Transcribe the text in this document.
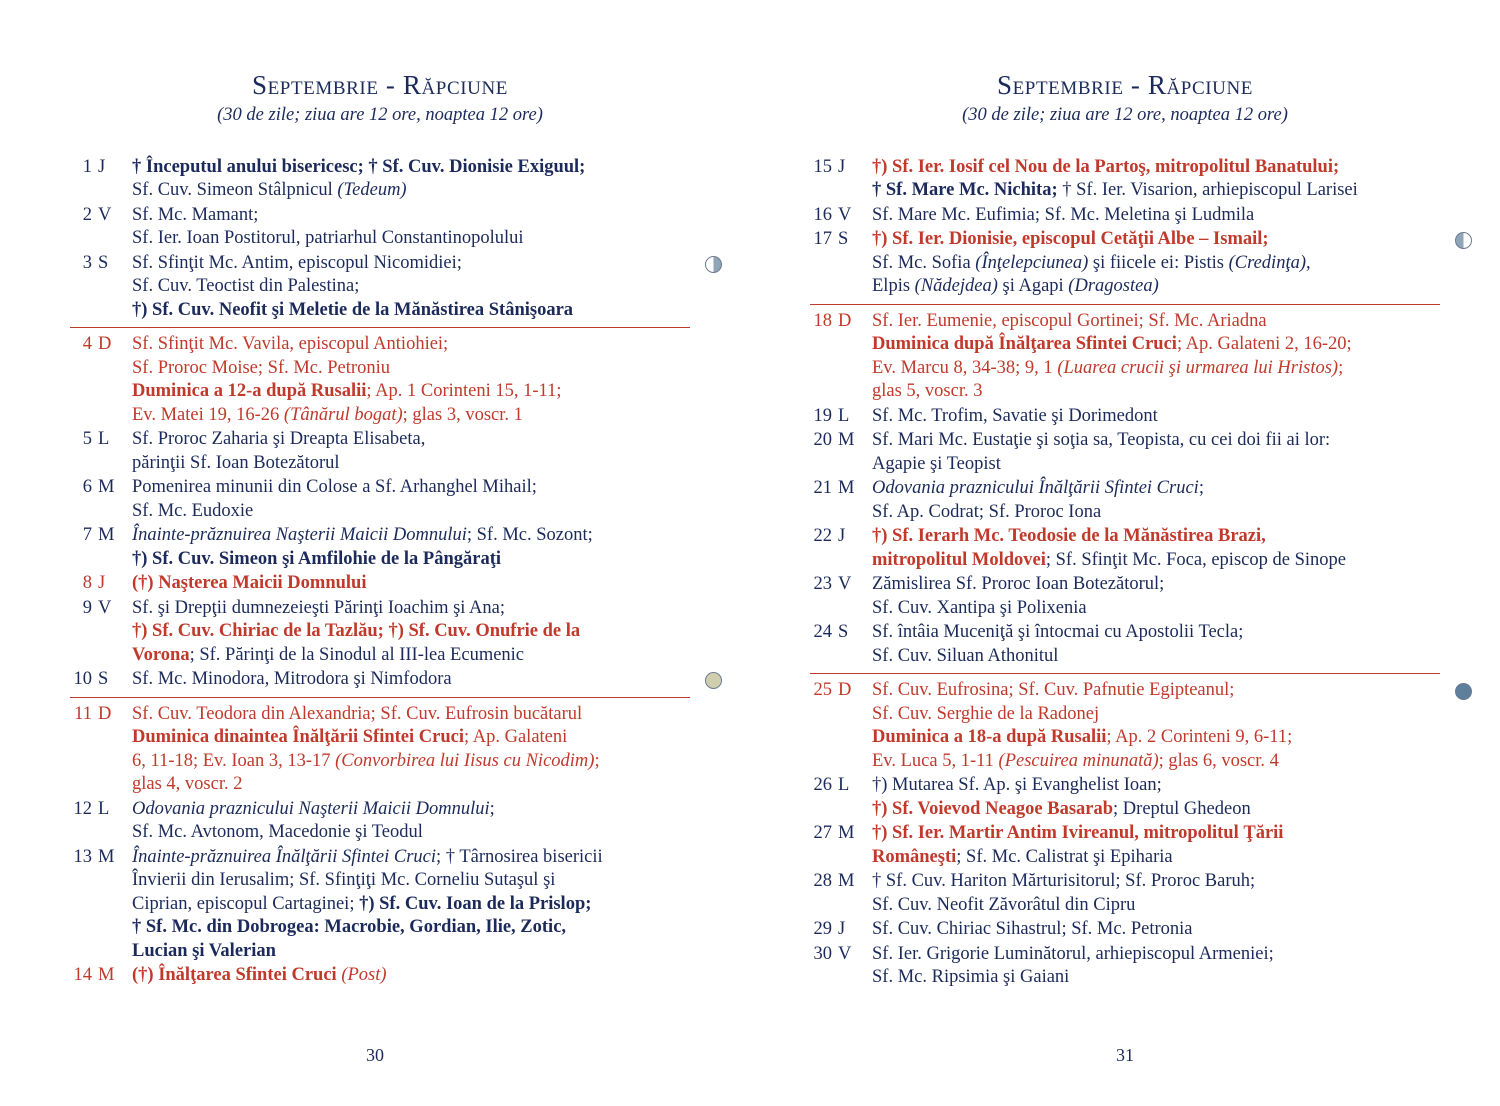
Septembrie - Răpciune
(30 de zile; ziua are 12 ore, noaptea 12 ore)
1 J	† Începutul anului bisericesc; † Sf. Cuv. Dionisie Exiguul;
Sf. Cuv. Simeon Stâlpnicul (Tedeum)
2 V	Sf. Mc. Mamant;
Sf. Ier. Ioan Postitorul, patriarhul Constantinopolului
3 S	Sf. Sfinţit Mc. Antim, episcopul Nicomidiei;
Sf. Cuv. Teoctist din Palestina;
†) Sf. Cuv. Neofit şi Meletie de la Mănăstirea Stânişoara
4 D	Sf. Sfinţit Mc. Vavila, episcopul Antiohiei;
Sf. Proroc Moise; Sf. Mc. Petroniu
Duminica a 12-a după Rusalii; Ap. 1 Corinteni 15, 1-11;
Ev. Matei 19, 16-26 (Tânărul bogat); glas 3, voscr. 1
5 L	Sf. Proroc Zaharia şi Dreapta Elisabeta,
părinţii Sf. Ioan Botezătorul
6 M Pomenirea minunii din Colose a Sf. Arhanghel Mihail;
Sf. Mc. Eudoxie
7 M Înainte-prăznuirea Naşterii Maicii Domnului; Sf. Mc. Sozont;
†) Sf. Cuv. Simeon şi Amfilohie de la Pângăraţi
8 J	(†) Naşterea Maicii Domnului
9 V	Sf. şi Drepţii dumnezeieşti Părinţi Ioachim şi Ana;
†) Sf. Cuv. Chiriac de la Tazlău; †) Sf. Cuv. Onufrie de la
Vorona; Sf. Părinţi de la Sinodul al III-lea Ecumenic
10 S	Sf. Mc. Minodora, Mitrodora şi Nimfodora
11 D	Sf. Cuv. Teodora din Alexandria; Sf. Cuv. Eufrosin bucătarul
Duminica dinaintea Înălţării Sfintei Cruci; Ap. Galateni
6, 11-18; Ev. Ioan 3, 13-17 (Convorbirea lui Iisus cu Nicodim);
glas 4, voscr. 2
12 L	Odovania praznicului Naşterii Maicii Domnului;
Sf. Mc. Avtonom, Macedonie şi Teodul
13 M Înainte-prăznuirea Înălţării Sfintei Cruci; † Târnosirea bisericii
Învierii din Ierusalim; Sf. Sfinţiţi Mc. Corneliu Sutaşul şi
Ciprian, episcopul Cartaginei; †) Sf. Cuv. Ioan de la Prislop;
† Sf. Mc. din Dobrogea: Macrobie, Gordian, Ilie, Zotic,
Lucian şi Valerian
14 M (†) Înălţarea Sfintei Cruci (Post)
30
Septembrie - Răpciune
(30 de zile; ziua are 12 ore, noaptea 12 ore)
15 J	†) Sf. Ier. Iosif cel Nou de la Partoş, mitropolitul Banatului;
† Sf. Mare Mc. Nichita; † Sf. Ier. Visarion, arhiepiscopul Larisei
16 V	Sf. Mare Mc. Eufimia; Sf. Mc. Meletina şi Ludmila
17 S	†) Sf. Ier. Dionisie, episcopul Cetăţii Albe – Ismail;
Sf. Mc. Sofia (Înţelepciunea) şi fiicele ei: Pistis (Credinţa),
Elpis (Nădejdea) şi Agapi (Dragostea)
18 D	Sf. Ier. Eumenie, episcopul Gortinei; Sf. Mc. Ariadna
Duminica după Înălţarea Sfintei Cruci; Ap. Galateni 2, 16-20;
Ev. Marcu 8, 34-38; 9, 1 (Luarea crucii şi urmarea lui Hristos);
glas 5, voscr. 3
19 L	Sf. Mc. Trofim, Savatie şi Dorimedont
20 M Sf. Mari Mc. Eustaţie şi soţia sa, Teopista, cu cei doi fii ai lor:
Agapie şi Teopist
21 M Odovania praznicului Înălţării Sfintei Cruci;
Sf. Ap. Codrat; Sf. Proroc Iona
22 J	†) Sf. Ierarh Mc. Teodosie de la Mănăstirea Brazi,
mitropolitul Moldovei; Sf. Sfinţit Mc. Foca, episcop de Sinope
23 V	Zămislirea Sf. Proroc Ioan Botezătorul;
Sf. Cuv. Xantipa şi Polixenia
24 S	Sf. întâia Muceniţă şi întocmai cu Apostolii Tecla;
Sf. Cuv. Siluan Athonitul
25 D	Sf. Cuv. Eufrosina; Sf. Cuv. Pafnutie Egipteanul;
Sf. Cuv. Serghie de la Radonej
Duminica a 18-a după Rusalii; Ap. 2 Corinteni 9, 6-11;
Ev. Luca 5, 1-11 (Pescuirea minunată); glas 6, voscr. 4
26 L	†) Mutarea Sf. Ap. şi Evanghelist Ioan;
†) Sf. Voievod Neagoe Basarab; Dreptul Ghedeon
27 M †) Sf. Ier. Martir Antim Ivireanul, mitropolitul Ţării
Româneşti; Sf. Mc. Calistrat şi Epiharia
28 M † Sf. Cuv. Hariton Mărturisitorul; Sf. Proroc Baruh;
Sf. Cuv. Neofit Zăvorâtul din Cipru
29 J	Sf. Cuv. Chiriac Sihastrul; Sf. Mc. Petronia
30 V	Sf. Ier. Grigorie Luminătorul, arhiepiscopul Armeniei;
Sf. Mc. Ripsimia şi Gaiani
31
